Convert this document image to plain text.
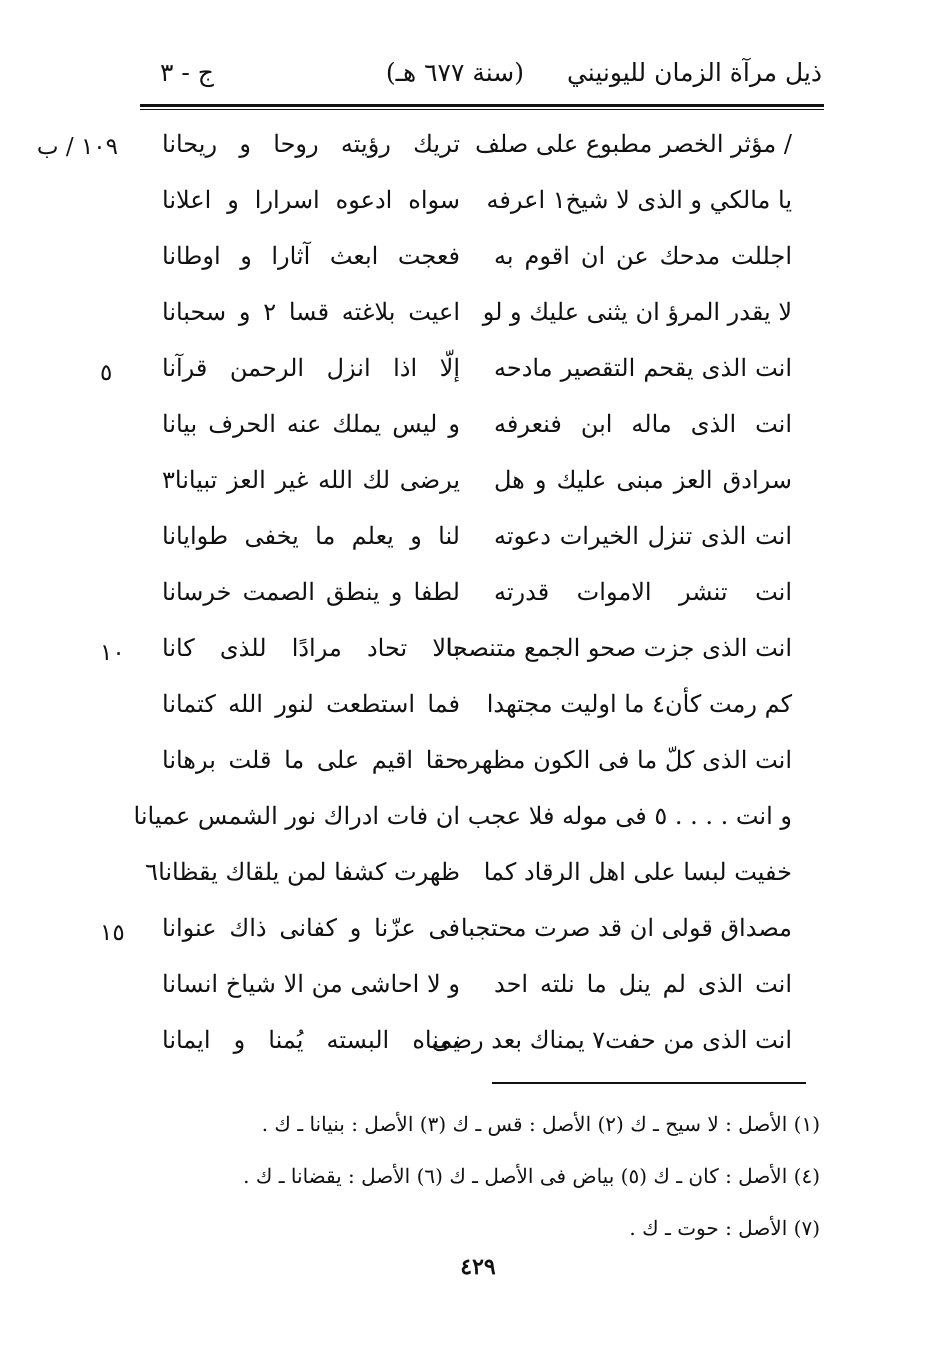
ذيل مرآة الزمان لليونيني
(سنة ٦٧٧ هـ)
ج - ٣
/ مؤثر الخصر مطبوع على صلف
تريك رؤيته روحا و ريحانا
١٠٩ / ب
يا مالكي و الذى لا شيخ١ اعرفه
سواه ادعوه اسرارا و اعلانا
اجللت مدحك عن ان اقوم به
فعجت ابعث آثارا و اوطانا
لا يقدر المرؤ ان يثنى عليك و لو
اعيت بلاغته قسا ٢ و سحبانا
انت الذى يقحم التقصير مادحه
إلّا اذا انزل الرحمن قرآنا
٥
انت الذى ماله ابن فنعرفه
و ليس يملك عنه الحرف بيانا
سرادق العز مبنى عليك و هل
يرضى لك الله غير العز تبيانا٣
انت الذى تنزل الخيرات دعوته
لنا و يعلم ما يخفى طوايانا
انت تنشر الاموات قدرته
لطفا و ينطق الصمت خرسانا
انت الذى جزت صحو الجمع متنصحا
بالا تحاد مرادًا للذى كانا
١٠
كم رمت كأن٤ ما اوليت مجتهدا
فما استطعت لنور الله كتمانا
انت الذى كلّ ما فى الكون مظهره
حقا اقيم على ما قلت برهانا
و انت . . . . ٥ فى موله فلا عجب
ان فات ادراك نور الشمس عميانا
خفيت لبسا على اهل الرقاد كما
ظهرت كشفا لمن يلقاك يقظانا٦
مصداق قولى ان قد صرت محتجبا
فى عزّنا و كفانى ذاك عنوانا
١٥
انت الذى لم ينل ما نلته احد
و لا احاشى من الا شياخ انسانا
انت الذى من حفت٧ يمناك بعد رضى
يمناه البسته يُمنا و ايمانا
(١) الأصل : لا سيح ـ ك (٢) الأصل : قس ـ ك (٣) الأصل : بنيانا ـ ك .
(٤) الأصل : كان ـ ك (٥) بياض فى الأصل ـ ك (٦) الأصل : يقضانا ـ ك .
(٧) الأصل : حوت ـ ك .
٤٢٩
